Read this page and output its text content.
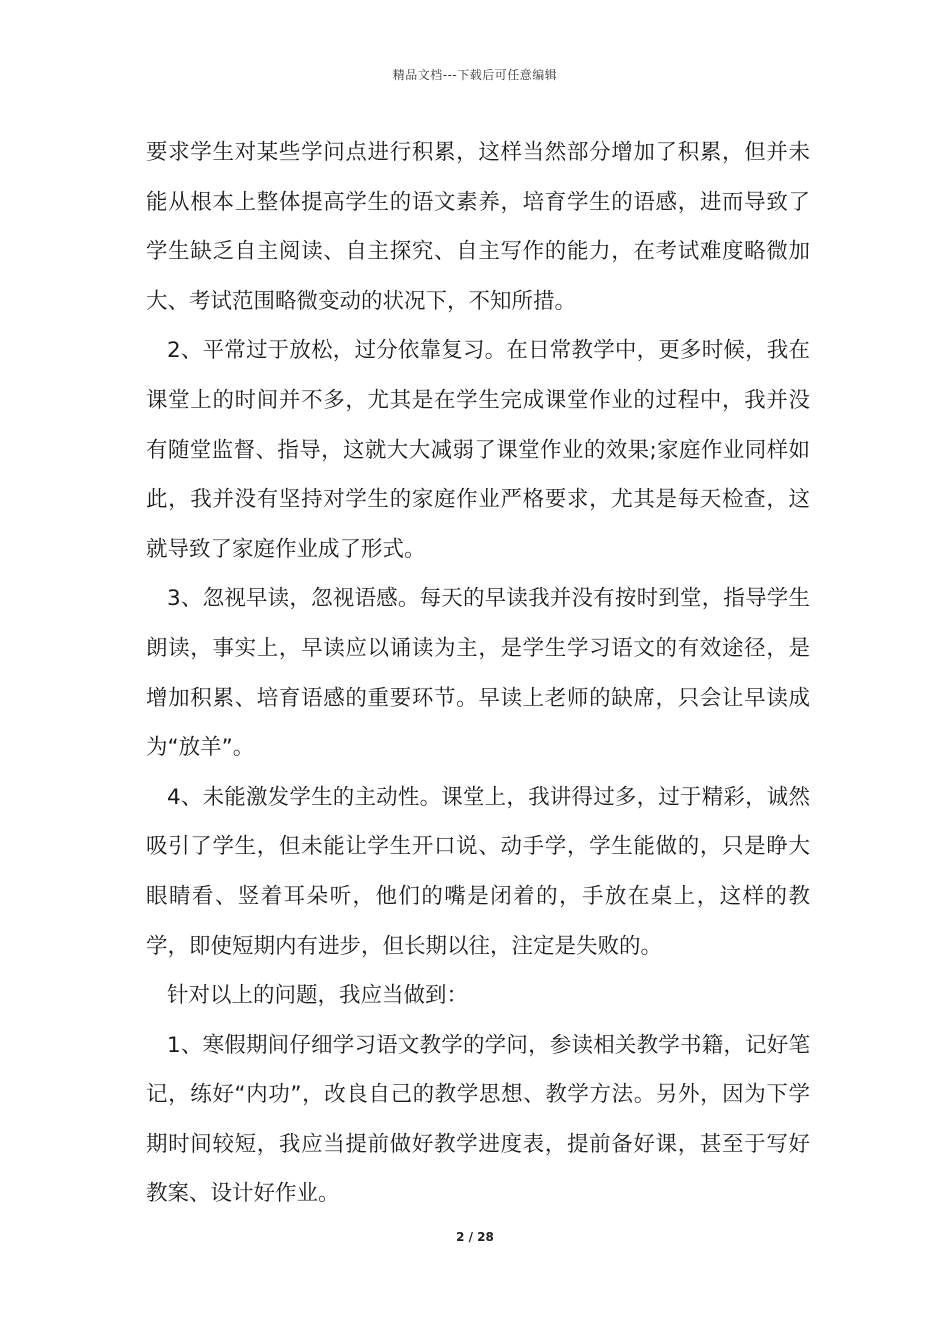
精品文档---下载后可任意编辑

要求学生对某些学问点进行积累，这样当然部分增加了积累，但并未能从根本上整体提高学生的语文素养，培育学生的语感，进而导致了学生缺乏自主阅读、自主探究、自主写作的能力，在考试难度略微加大、考试范围略微变动的状况下，不知所措。

2、平常过于放松，过分依靠复习。在日常教学中，更多时候，我在课堂上的时间并不多，尤其是在学生完成课堂作业的过程中，我并没有随堂监督、指导，这就大大减弱了课堂作业的效果;家庭作业同样如此，我并没有坚持对学生的家庭作业严格要求，尤其是每天检查，这就导致了家庭作业成了形式。

3、忽视早读，忽视语感。每天的早读我并没有按时到堂，指导学生朗读，事实上，早读应以诵读为主，是学生学习语文的有效途径，是增加积累、培育语感的重要环节。早读上老师的缺席，只会让早读成为“放羊”。

4、未能激发学生的主动性。课堂上，我讲得过多，过于精彩，诚然吸引了学生，但未能让学生开口说、动手学，学生能做的，只是睁大眼睛看、竖着耳朵听，他们的嘴是闭着的，手放在桌上，这样的教学，即使短期内有进步，但长期以往，注定是失败的。

针对以上的问题，我应当做到：

1、寒假期间仔细学习语文教学的学问，参读相关教学书籍，记好笔记，练好“内功”，改良自己的教学思想、教学方法。另外，因为下学期时间较短，我应当提前做好教学进度表，提前备好课，甚至于写好教案、设计好作业。

2 / 28
